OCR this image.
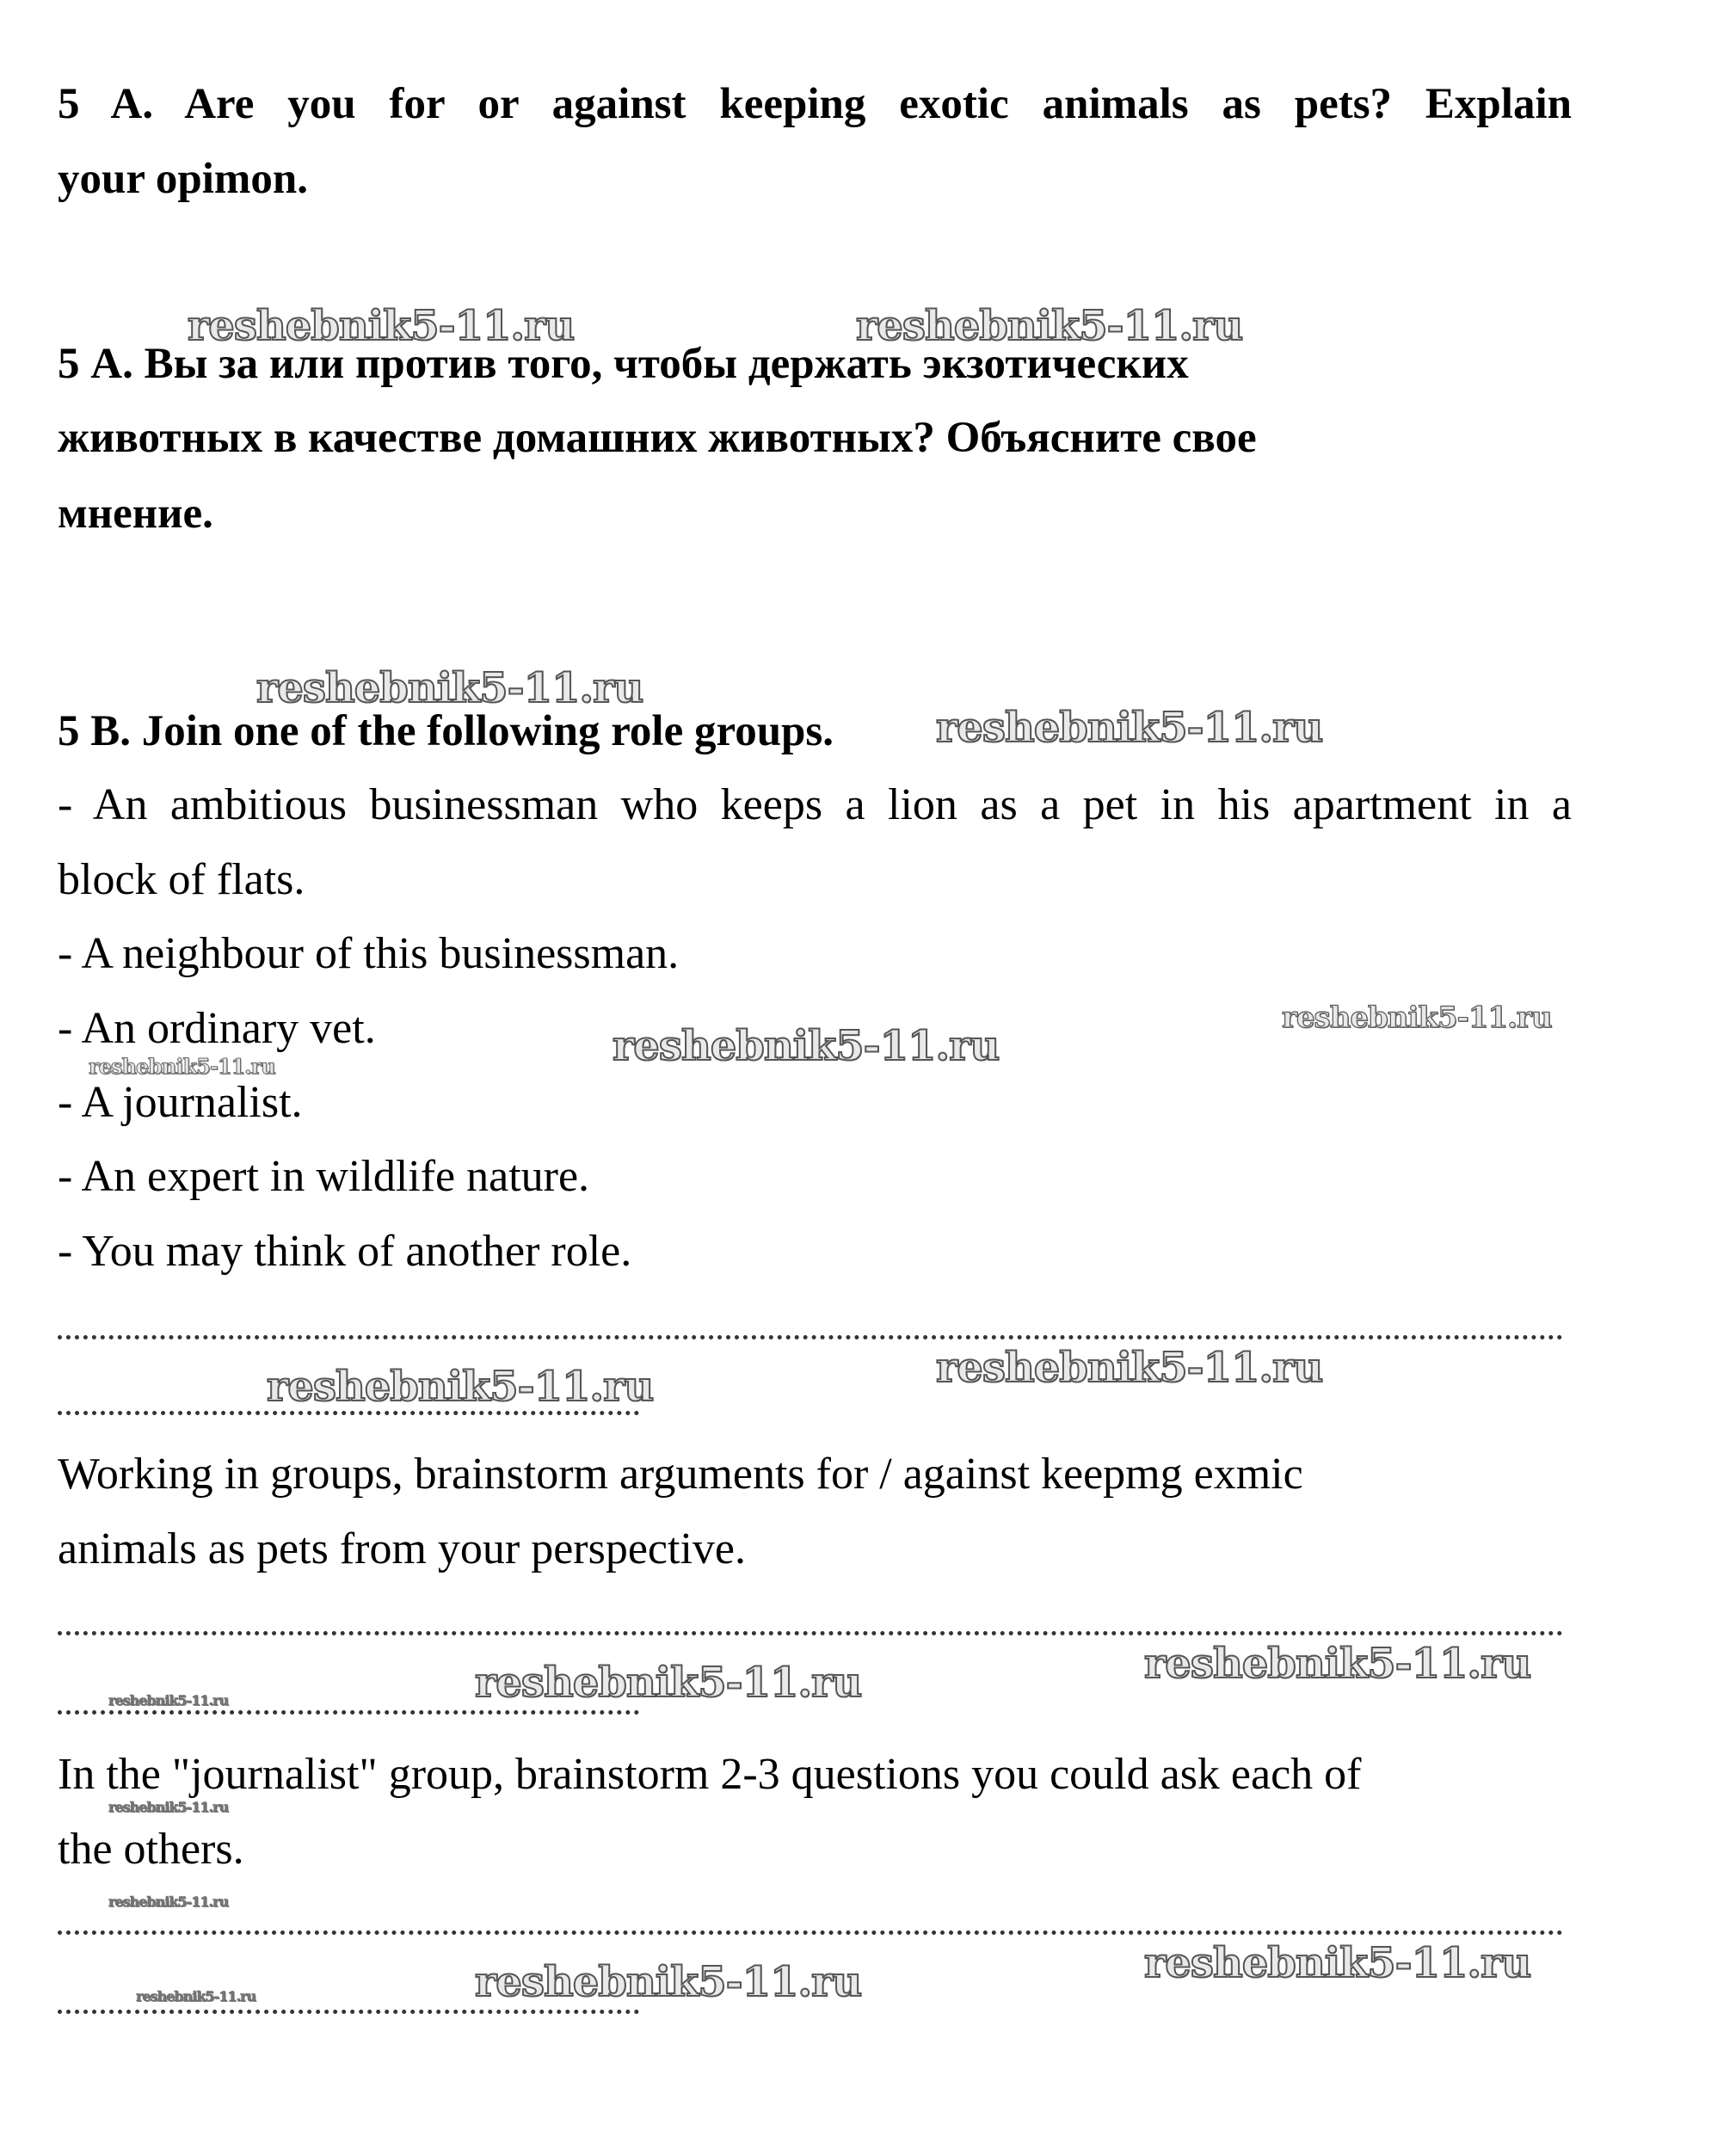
5 A. Are you for or against keeping exotic animals as pets? Explain
your opimon.
reshebnik5-11.ru	reshebnik5-11.ru
5 А. Вы за или против того, чтобы держать экзотических
животных в качестве домашних животных? Объясните свое
мнение.
reshebnik5-11.ru
5 B. Join one of the following role groups. reshebnik5-11.ru
- An ambitious businessman who keeps a lion as a pet in his apartment in a
block of flats.
- A neighbour of this businessman.
- An ordinary vet.	reshebnik5-11.ru
reshebnik5-11.ru
reshebnik5-11.ru
- A journalist.
- An expert in wildlife nature.
- You may think of another role.
reshebnik5-11.ru
reshebnik5-11.ru
Working in groups, brainstorm arguments for / against keepmg exmic
animals as pets from your perspective.
reshebnik5-11.ru
reshebnik5-11.ru
reshebnik5-11.ru
In the "journalist" group, brainstorm 2-3 questions you could ask each of
reshebnik5-11.ru
the others.
reshebnik5-11.ru
reshebnik5-11.ru
reshebnik5-11.ru
reshebnik5-11.ru
